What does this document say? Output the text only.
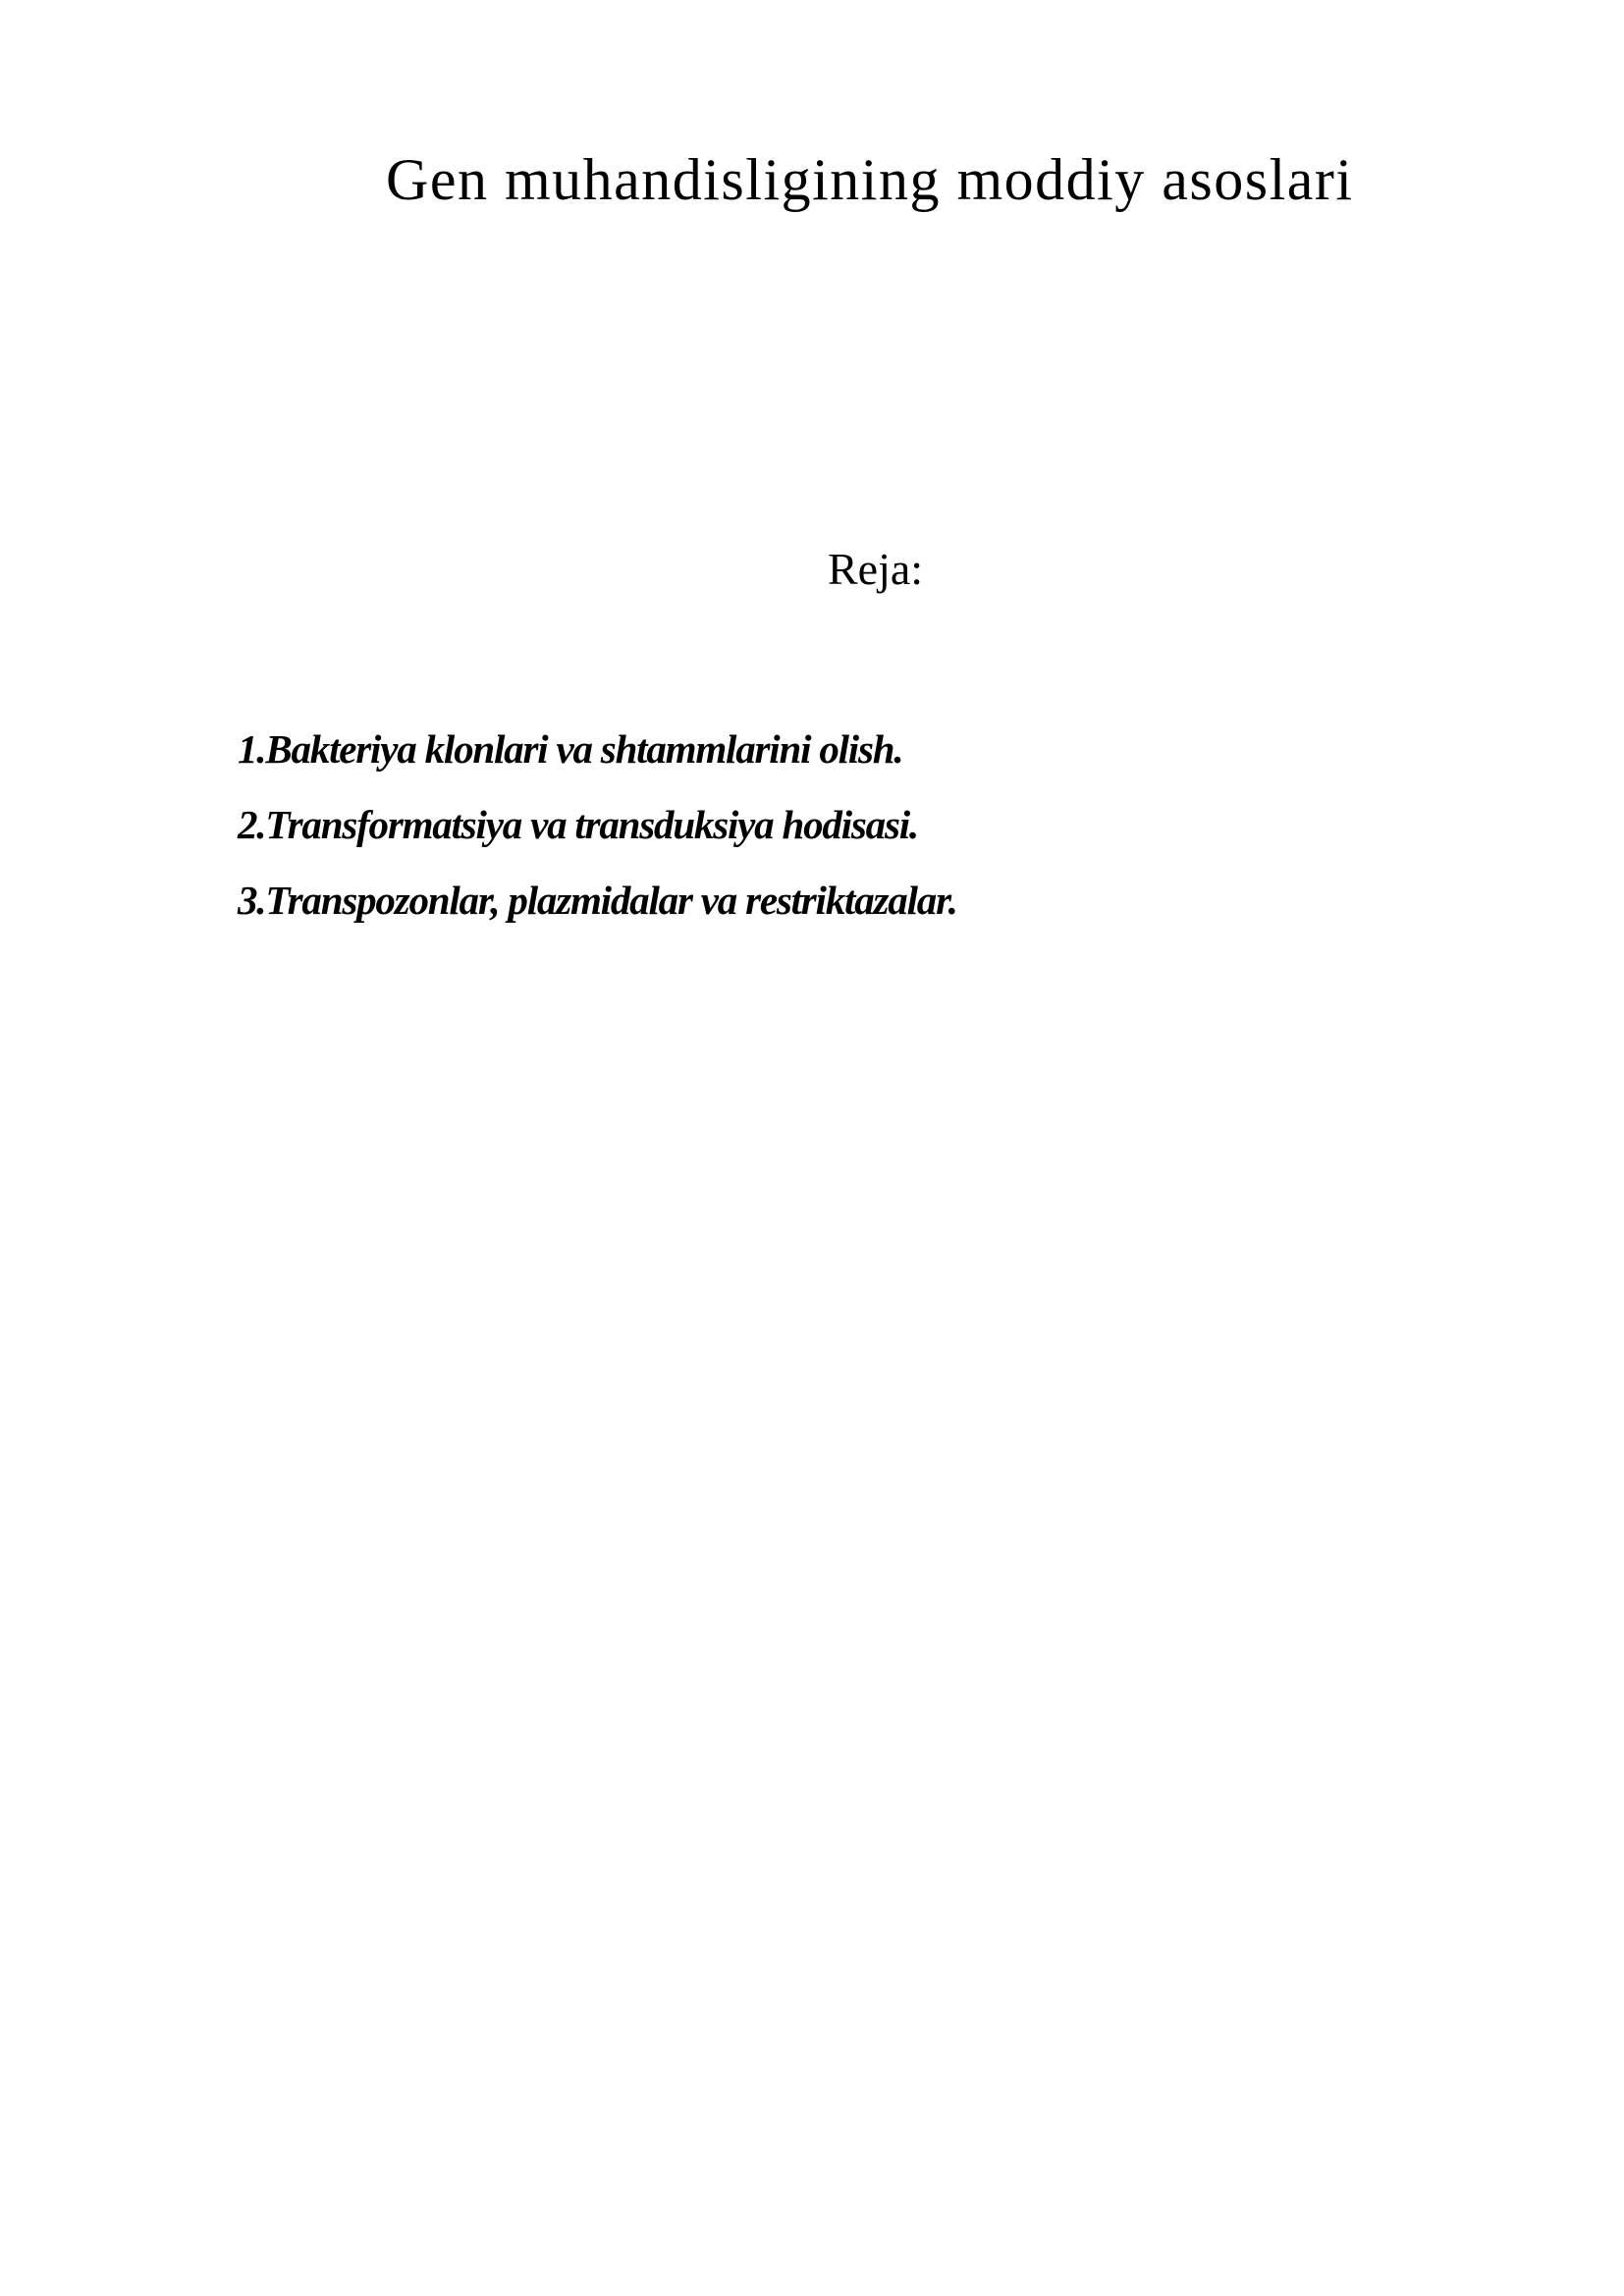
Gen muhandisligining moddiy asoslari
Reja:
1.Bakteriya klonlari va shtammlarini olish.
2.Transformatsiya va transduksiya hodisasi.
3.Transpozonlar, plazmidalar va restriktazalar.
